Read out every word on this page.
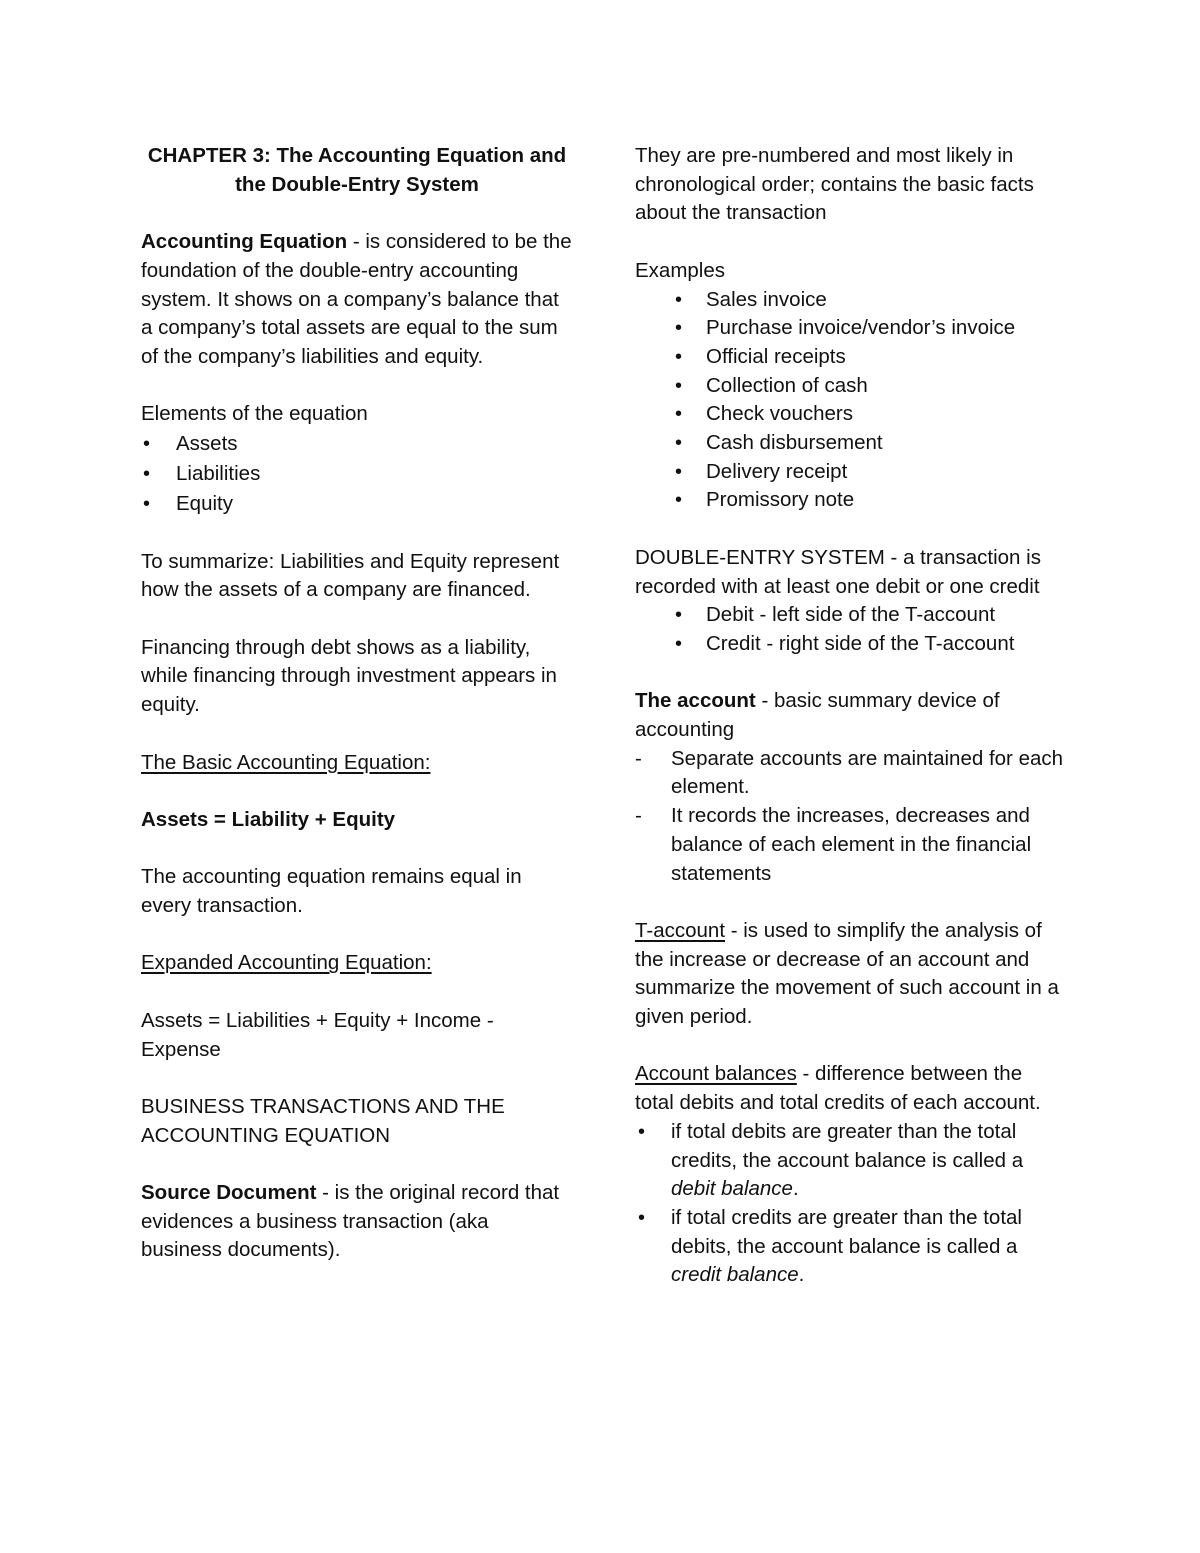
CHAPTER 3: The Accounting Equation and
the Double-Entry System

Accounting Equation - is considered to be the foundation of the double-entry accounting system. It shows on a company’s balance that a company’s total assets are equal to the sum of the company’s liabilities and equity.

Elements of the equation

• Assets
• Liabilities
• Equity

To summarize: Liabilities and Equity represent how the assets of a company are financed.

Financing through debt shows as a liability, while financing through investment appears in equity.

The Basic Accounting Equation:

Assets = Liability + Equity

The accounting equation remains equal in every transaction.

Expanded Accounting Equation:

Assets = Liabilities + Equity + Income - Expense

BUSINESS TRANSACTIONS AND THE
ACCOUNTING EQUATION

Source Document - is the original record that evidences a business transaction (aka business documents).

They are pre-numbered and most likely in chronological order; contains the basic facts about the transaction

Examples

• Sales invoice
• Purchase invoice/vendor’s invoice
• Official receipts
• Collection of cash
• Check vouchers
• Cash disbursement
• Delivery receipt
• Promissory note

DOUBLE-ENTRY SYSTEM - a transaction is recorded with at least one debit or one credit

• Debit - left side of the T-account
• Credit - right side of the T-account

The account - basic summary device of accounting

- Separate accounts are maintained for each element.
- It records the increases, decreases and balance of each element in the financial statements

T-account - is used to simplify the analysis of the increase or decrease of an account and summarize the movement of such account in a given period.

Account balances - difference between the total debits and total credits of each account.

• if total debits are greater than the total credits, the account balance is called a debit balance.
• if total credits are greater than the total debits, the account balance is called a credit balance.
